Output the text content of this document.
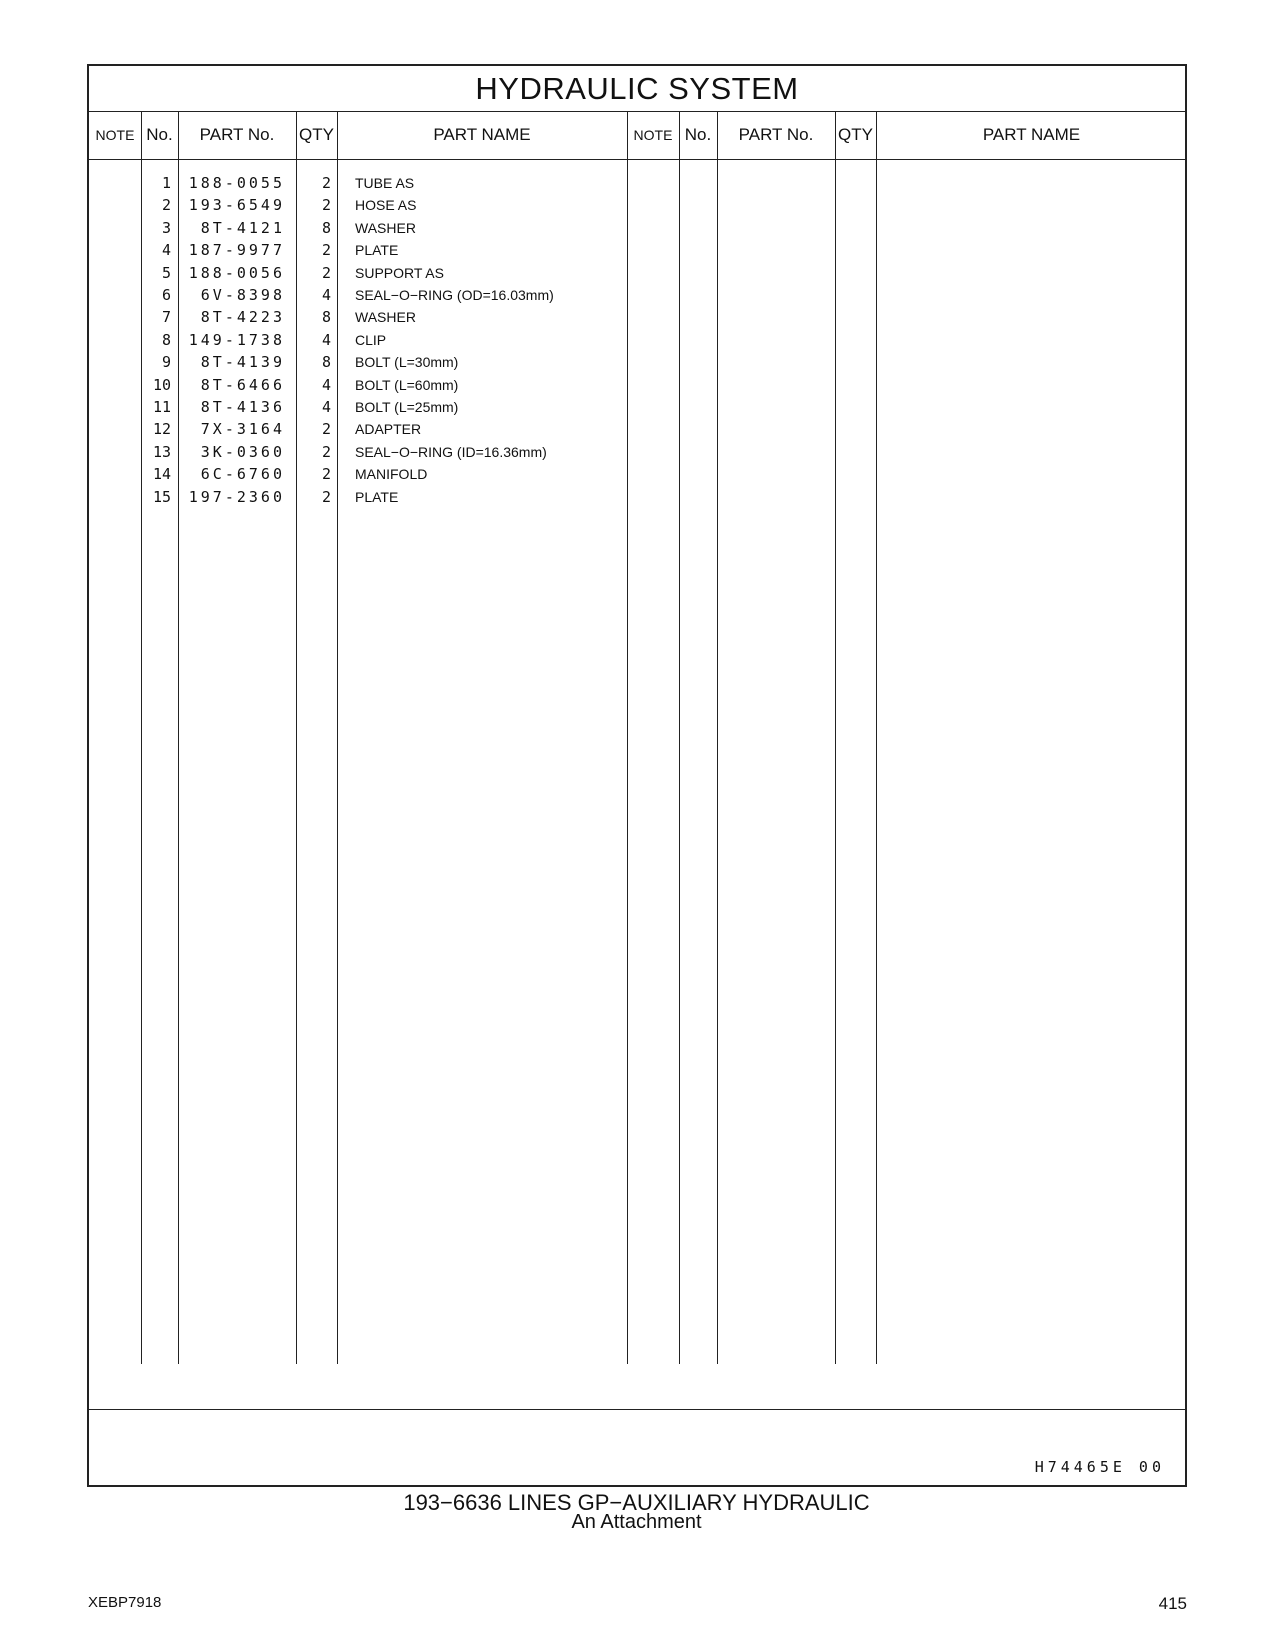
HYDRAULIC SYSTEM
NOTE No.	PART No.	QTY	PART NAME	NOTE No.	PART No.	QTY	PART NAME
1	188-0055	2 TUBE AS
2	193-6549	2 HOSE AS
3	8T-4121	8 WASHER
4	187-9977	2 PLATE
5	188-0056	2 SUPPORT AS
6	6V-8398	4 SEAL−O−RING (OD=16.03mm)
7	8T-4223	8 WASHER
8	149-1738	4 CLIP
9	8T-4139	8 BOLT (L=30mm)
10	8T-6466	4 BOLT (L=60mm)
11	8T-4136	4 BOLT (L=25mm)
12	7X-3164	2 ADAPTER
13	3K-0360	2 SEAL−O−RING (ID=16.36mm)
14	6C-6760	2 MANIFOLD
15	197-2360	2 PLATE
H74465E 00
193−6636 LINES GP−AUXILIARY HYDRAULIC
An Attachment
XEBP7918	415
